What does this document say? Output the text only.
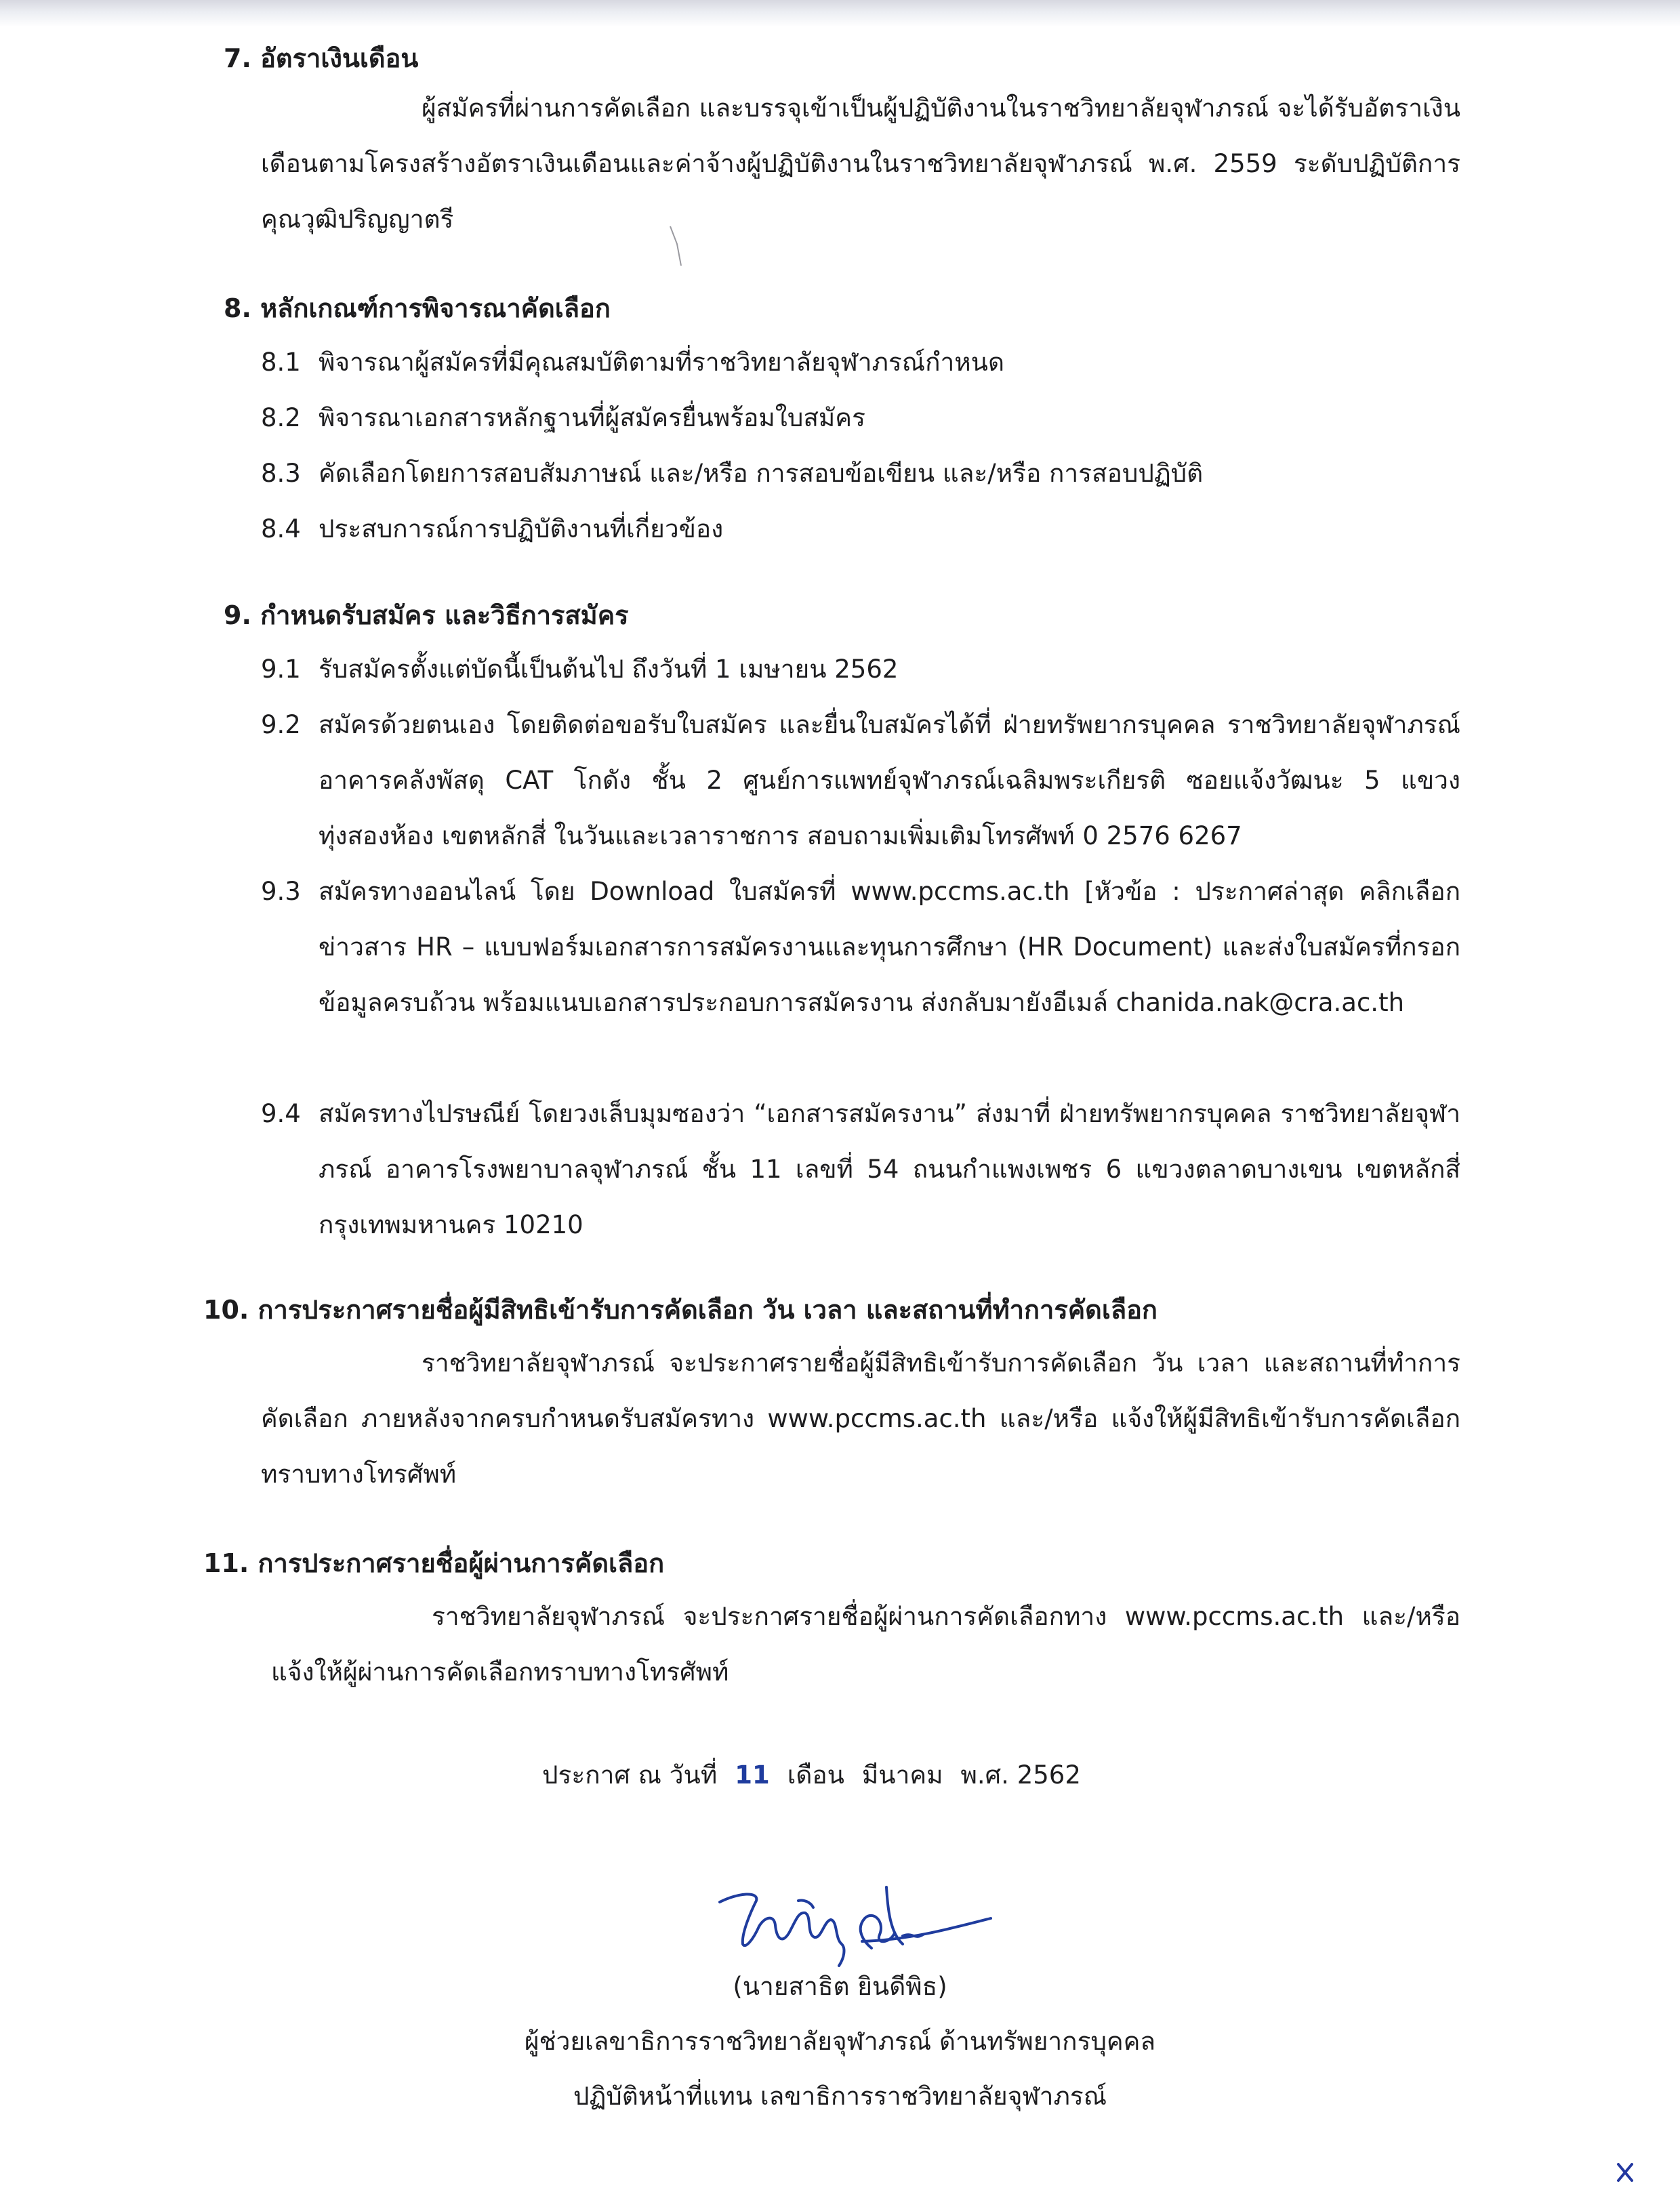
7. อัตราเงินเดือน
ผู้สมัครที่ผ่านการคัดเลือก และบรรจุเข้าเป็นผู้ปฏิบัติงานในราชวิทยาลัยจุฬาภรณ์ จะได้รับอัตราเงินเดือนตามโครงสร้างอัตราเงินเดือนและค่าจ้างผู้ปฏิบัติงานในราชวิทยาลัยจุฬาภรณ์ พ.ศ. 2559 ระดับปฏิบัติการ คุณวุฒิปริญญาตรี
8. หลักเกณฑ์การพิจารณาคัดเลือก
8.1 พิจารณาผู้สมัครที่มีคุณสมบัติตามที่ราชวิทยาลัยจุฬาภรณ์กำหนด
8.2 พิจารณาเอกสารหลักฐานที่ผู้สมัครยื่นพร้อมใบสมัคร
8.3 คัดเลือกโดยการสอบสัมภาษณ์ และ/หรือ การสอบข้อเขียน และ/หรือ การสอบปฏิบัติ
8.4 ประสบการณ์การปฏิบัติงานที่เกี่ยวข้อง
9. กำหนดรับสมัคร และวิธีการสมัคร
9.1 รับสมัครตั้งแต่บัดนี้เป็นต้นไป ถึงวันที่ 1 เมษายน 2562
9.2 สมัครด้วยตนเอง โดยติดต่อขอรับใบสมัคร และยื่นใบสมัครได้ที่ ฝ่ายทรัพยากรบุคคล ราชวิทยาลัยจุฬาภรณ์ อาคารคลังพัสดุ CAT โกดัง ชั้น 2 ศูนย์การแพทย์จุฬาภรณ์เฉลิมพระเกียรติ ซอยแจ้งวัฒนะ 5 แขวงทุ่งสองห้อง เขตหลักสี่ ในวันและเวลาราชการ สอบถามเพิ่มเติมโทรศัพท์ 0 2576 6267
9.3 สมัครทางออนไลน์ โดย Download ใบสมัครที่ www.pccms.ac.th [หัวข้อ : ประกาศล่าสุด คลิกเลือก ข่าวสาร HR – แบบฟอร์มเอกสารการสมัครงานและทุนการศึกษา (HR Document) และส่งใบสมัครที่กรอกข้อมูลครบถ้วน พร้อมแนบเอกสารประกอบการสมัครงาน ส่งกลับมายังอีเมล์ chanida.nak@cra.ac.th
9.4 สมัครทางไปรษณีย์ โดยวงเล็บมุมซองว่า “เอกสารสมัครงาน” ส่งมาที่ ฝ่ายทรัพยากรบุคคล ราชวิทยาลัยจุฬาภรณ์ อาคารโรงพยาบาลจุฬาภรณ์ ชั้น 11 เลขที่ 54 ถนนกำแพงเพชร 6 แขวงตลาดบางเขน เขตหลักสี่ กรุงเทพมหานคร 10210
10. การประกาศรายชื่อผู้มีสิทธิเข้ารับการคัดเลือก วัน เวลา และสถานที่ทำการคัดเลือก
ราชวิทยาลัยจุฬาภรณ์ จะประกาศรายชื่อผู้มีสิทธิเข้ารับการคัดเลือก วัน เวลา และสถานที่ทำการคัดเลือก ภายหลังจากครบกำหนดรับสมัครทาง www.pccms.ac.th และ/หรือ แจ้งให้ผู้มีสิทธิเข้ารับการคัดเลือกทราบทางโทรศัพท์
11. การประกาศรายชื่อผู้ผ่านการคัดเลือก
ราชวิทยาลัยจุฬาภรณ์ จะประกาศรายชื่อผู้ผ่านการคัดเลือกทาง www.pccms.ac.th และ/หรือ แจ้งให้ผู้ผ่านการคัดเลือกทราบทางโทรศัพท์
ประกาศ ณ วันที่ 11 เดือน มีนาคม พ.ศ. 2562
(นายสาธิต ยินดีพิธ)
ผู้ช่วยเลขาธิการราชวิทยาลัยจุฬาภรณ์ ด้านทรัพยากรบุคคล
ปฏิบัติหน้าที่แทน เลขาธิการราชวิทยาลัยจุฬาภรณ์
